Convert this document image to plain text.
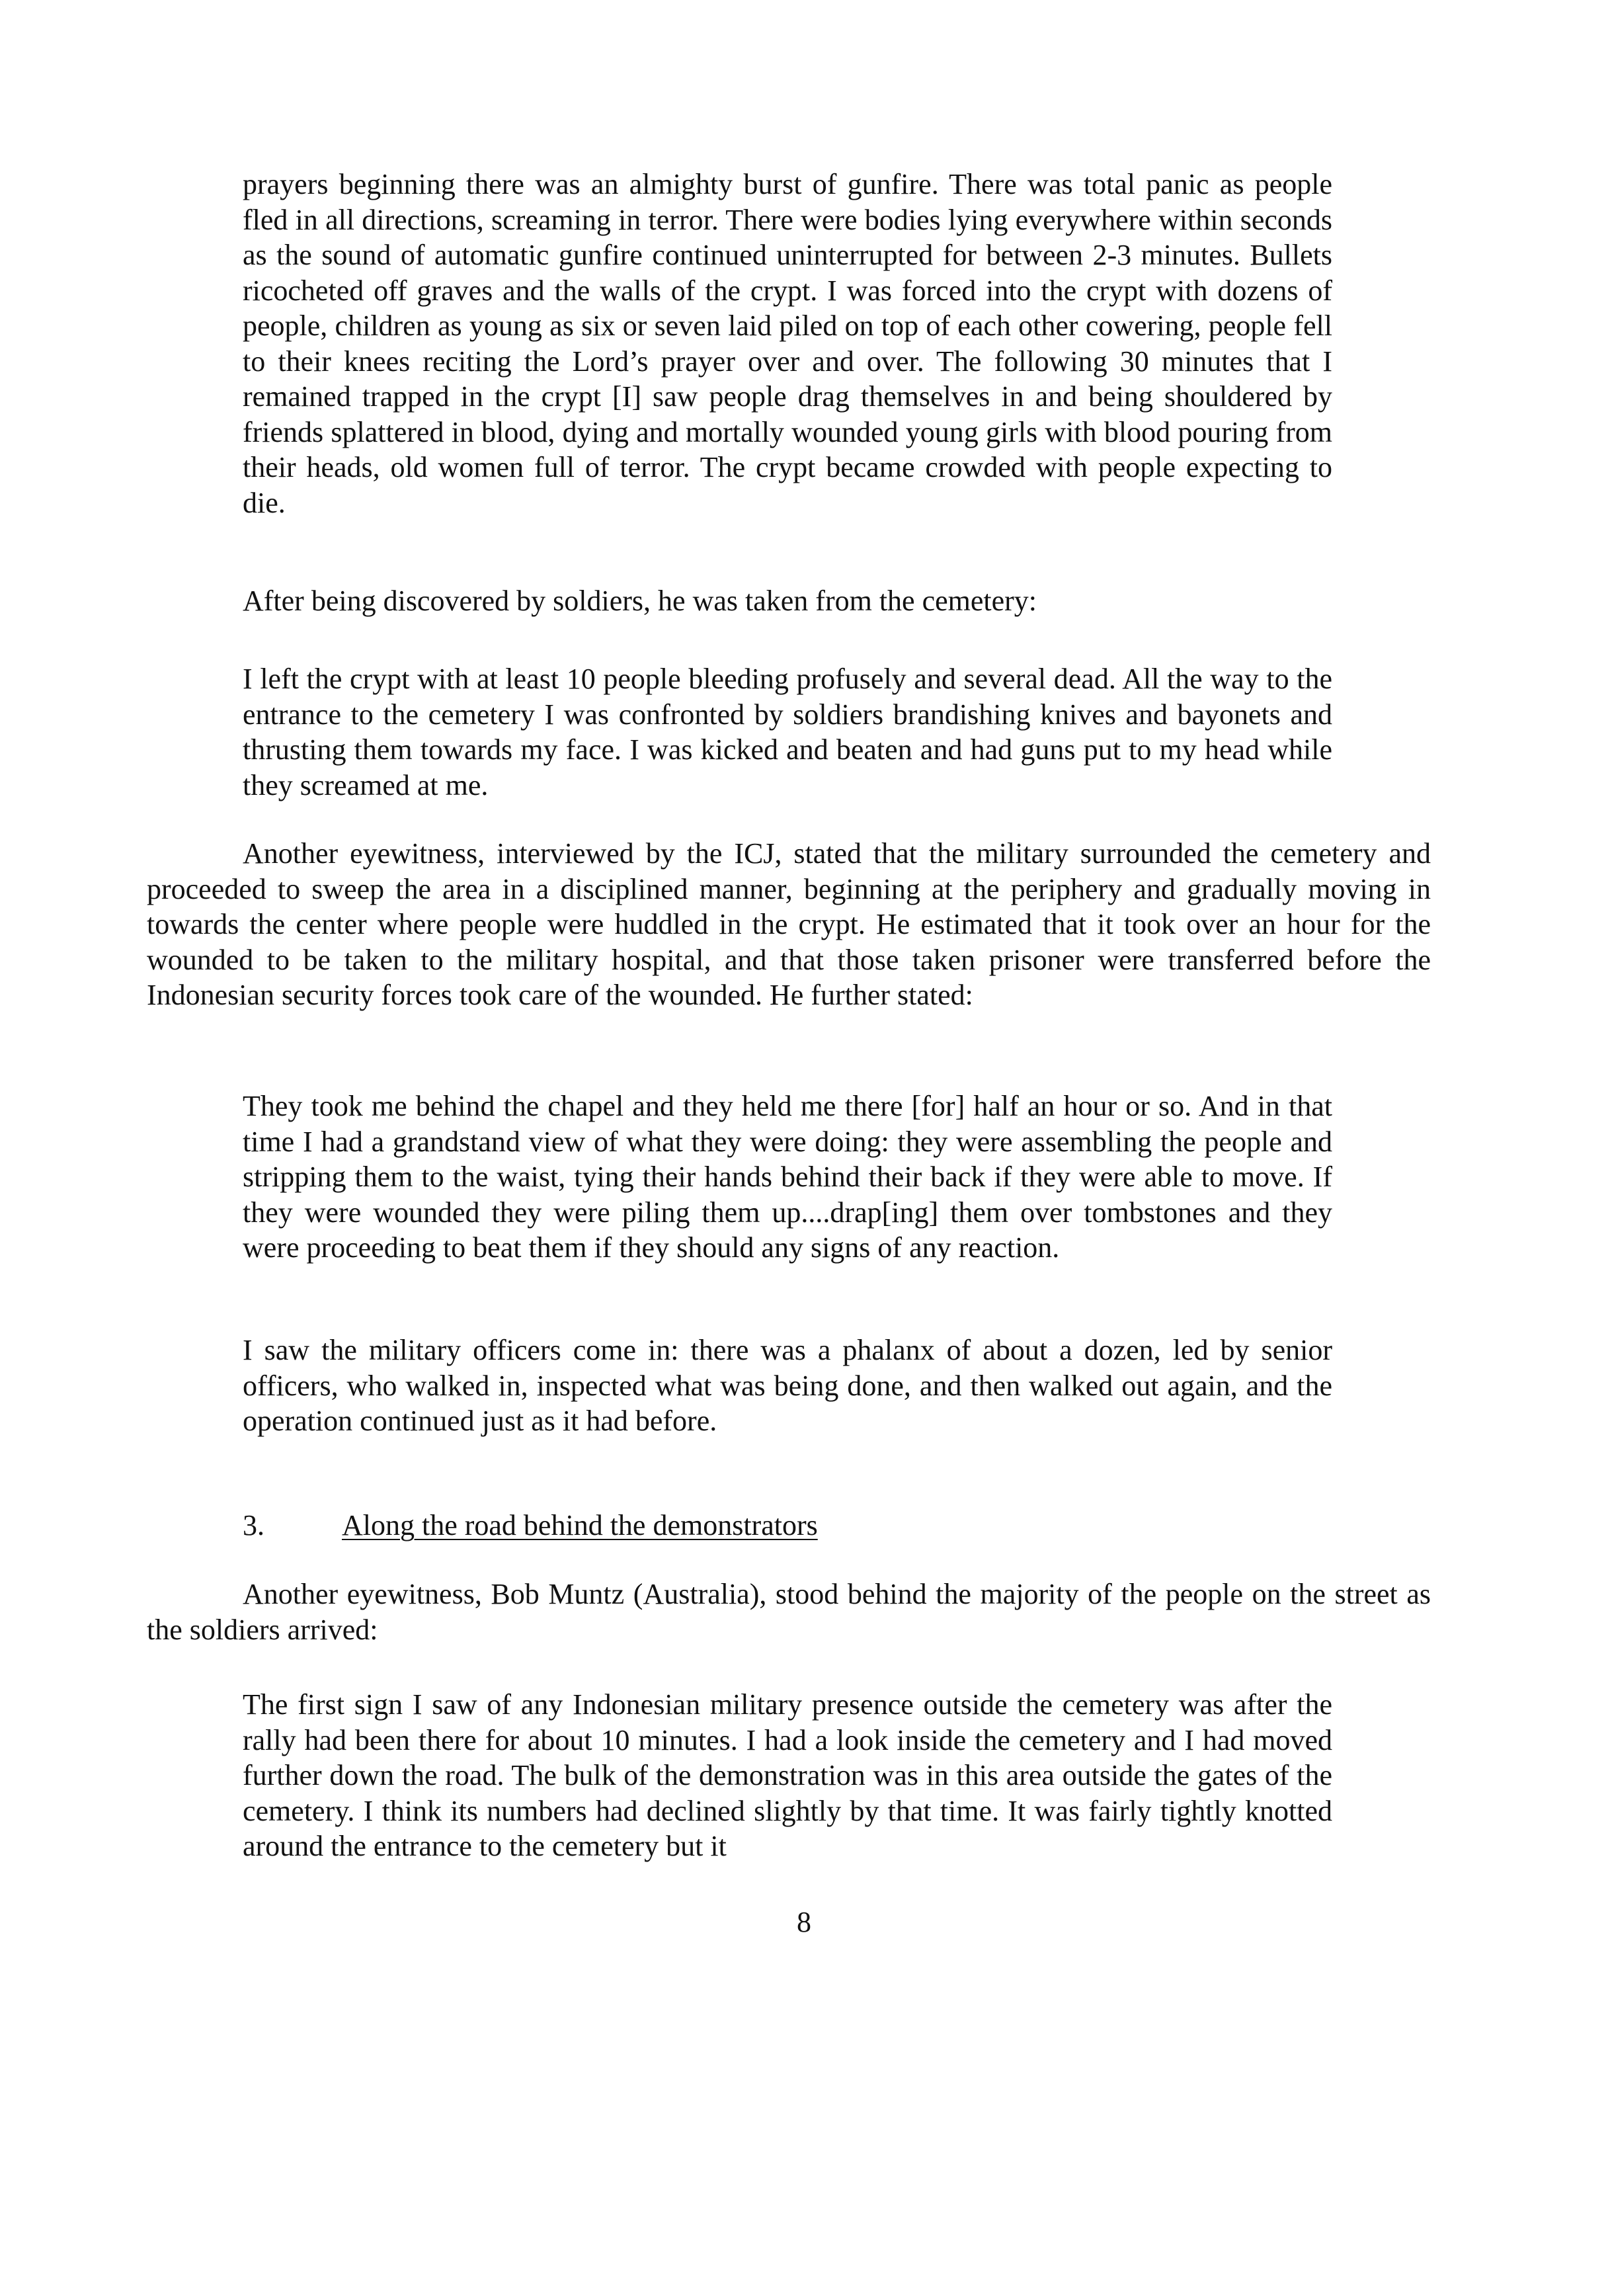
prayers beginning there was an almighty burst of gunfire. There was total panic as people fled in all directions, screaming in terror. There were bodies lying everywhere within seconds as the sound of automatic gunfire continued uninterrupted for between 2-3 minutes. Bullets ricocheted off graves and the walls of the crypt. I was forced into the crypt with dozens of people, children as young as six or seven laid piled on top of each other cowering, people fell to their knees reciting the Lord’s prayer over and over. The following 30 minutes that I remained trapped in the crypt [I] saw people drag themselves in and being shouldered by friends splattered in blood, dying and mortally wounded young girls with blood pouring from their heads, old women full of terror. The crypt became crowded with people expecting to die.

After being discovered by soldiers, he was taken from the cemetery:

I left the crypt with at least 10 people bleeding profusely and several dead. All the way to the entrance to the cemetery I was confronted by soldiers brandishing knives and bayonets and thrusting them towards my face. I was kicked and beaten and had guns put to my head while they screamed at me.

Another eyewitness, interviewed by the ICJ, stated that the military surrounded the cemetery and proceeded to sweep the area in a disciplined manner, beginning at the periphery and gradually moving in towards the center where people were huddled in the crypt. He estimated that it took over an hour for the wounded to be taken to the military hospital, and that those taken prisoner were transferred before the Indonesian security forces took care of the wounded. He further stated:

They took me behind the chapel and they held me there [for] half an hour or so. And in that time I had a grandstand view of what they were doing: they were assembling the people and stripping them to the waist, tying their hands behind their back if they were able to move. If they were wounded they were piling them up....drap[ing] them over tombstones and they were proceeding to beat them if they should any signs of any reaction.

I saw the military officers come in: there was a phalanx of about a dozen, led by senior officers, who walked in, inspected what was being done, and then walked out again, and the operation continued just as it had before.

3.	Along the road behind the demonstrators

Another eyewitness, Bob Muntz (Australia), stood behind the majority of the people on the street as the soldiers arrived:

The first sign I saw of any Indonesian military presence outside the cemetery was after the rally had been there for about 10 minutes. I had a look inside the cemetery and I had moved further down the road. The bulk of the demonstration was in this area outside the gates of the cemetery. I think its numbers had declined slightly by that time. It was fairly tightly knotted around the entrance to the cemetery but it

8
